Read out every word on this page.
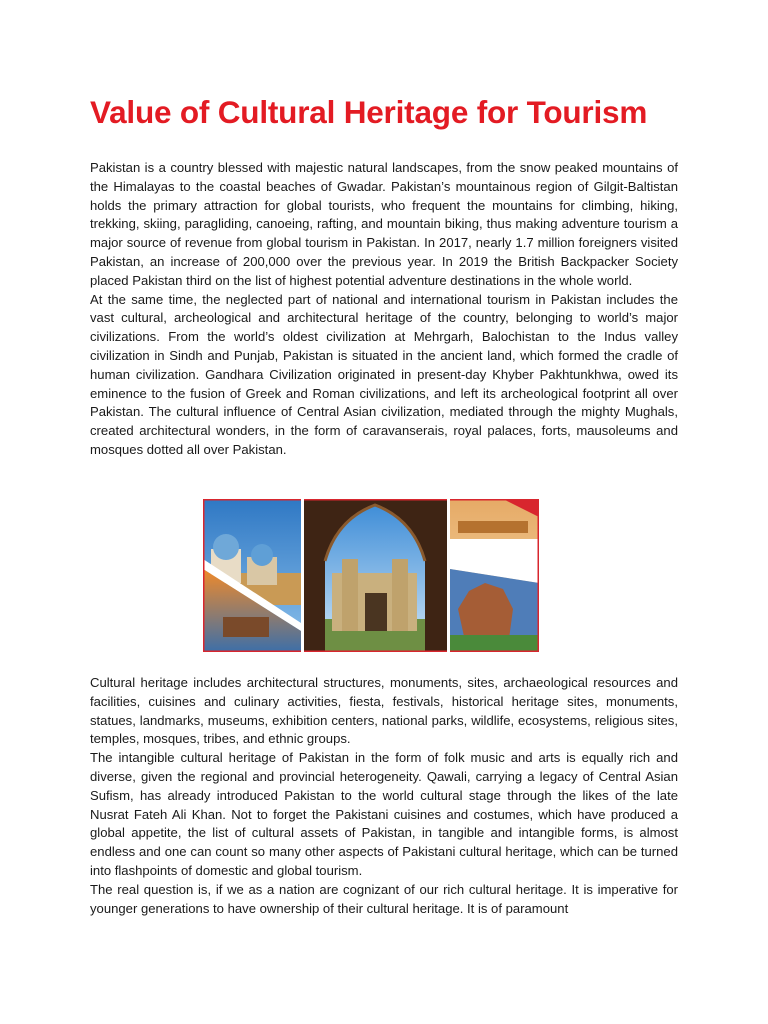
Value of Cultural Heritage for Tourism

Pakistan is a country blessed with majestic natural landscapes, from the snow peaked mountains of the Himalayas to the coastal beaches of Gwadar. Pakistan’s mountainous region of Gilgit-Baltistan holds the primary attraction for global tourists, who frequent the mountains for climbing, hiking, trekking, skiing, paragliding, canoeing, rafting, and mountain biking, thus making adventure tourism a major source of revenue from global tourism in Pakistan. In 2017, nearly 1.7 million foreigners visited Pakistan, an increase of 200,000 over the previous year. In 2019 the British Backpacker Society placed Pakistan third on the list of highest potential adventure destinations in the whole world.

At the same time, the neglected part of national and international tourism in Pakistan includes the vast cultural, archeological and architectural heritage of the country, belonging to world’s major civilizations. From the world’s oldest civilization at Mehrgarh, Balochistan to the Indus valley civilization in Sindh and Punjab, Pakistan is situated in the ancient land, which formed the cradle of human civilization. Gandhara Civilization originated in present-day Khyber Pakhtunkhwa, owed its eminence to the fusion of Greek and Roman civilizations, and left its archeological footprint all over Pakistan. The cultural influence of Central Asian civilization, mediated through the mighty Mughals, created architectural wonders, in the form of caravanserais, royal palaces, forts, mausoleums and mosques dotted all over Pakistan.

Cultural heritage includes architectural structures, monuments, sites, archaeological resources and facilities, cuisines and culinary activities, fiesta, festivals, historical heritage sites, monuments, statues, landmarks, museums, exhibition centers, national parks, wildlife, ecosystems, religious sites, temples, mosques, tribes, and ethnic groups.

The intangible cultural heritage of Pakistan in the form of folk music and arts is equally rich and diverse, given the regional and provincial heterogeneity. Qawali, carrying a legacy of Central Asian Sufism, has already introduced Pakistan to the world cultural stage through the likes of the late Nusrat Fateh Ali Khan. Not to forget the Pakistani cuisines and costumes, which have produced a global appetite, the list of cultural assets of Pakistan, in tangible and intangible forms, is almost endless and one can count so many other aspects of Pakistani cultural heritage, which can be turned into flashpoints of domestic and global tourism.

The real question is, if we as a nation are cognizant of our rich cultural heritage. It is imperative for younger generations to have ownership of their cultural heritage. It is of paramount
